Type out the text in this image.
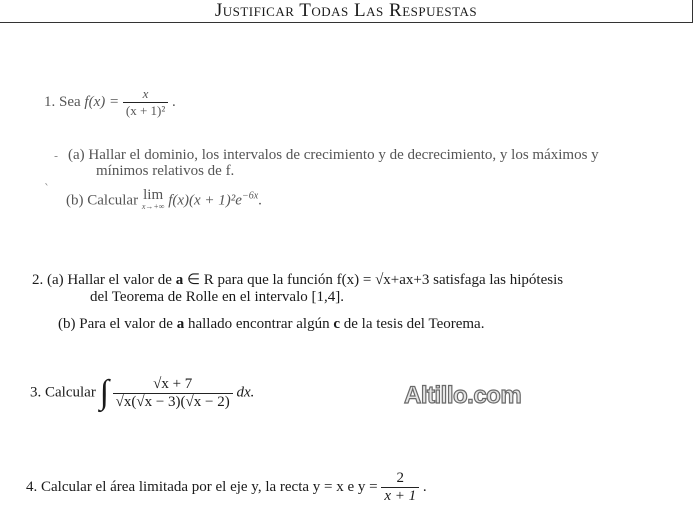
Justificar Todas Las Respuestas
1. Sea $f(x) = \frac{x}{\text{(x + 1)²}}$ .
- (a) Hallar el dominio, los intervalos de crecimiento y de decrecimiento, y los máximos y
mínimos relativos de f.
`
(b) Calcular lim
x→+∞ $f(x)(x + 1)^2e^{-6x}$.
2. (a) Hallar el valor de a ∈ R para que la función f(x) = √x+ax+3 satisfaga las hipótesis
del Teorema de Rolle en el intervalo [1,4].
(b) Para el valor de a hallado encontrar algún c de la tesis del Teorema.
3. Calcular ∫ $\frac{√x + 7}{√x(√x - 3)(√x - 2)}$ dx.	Altillo.com
4. Calcular el área limitada por el eje y, la recta y = x e $y = \frac{2}{x + 1}$ .
